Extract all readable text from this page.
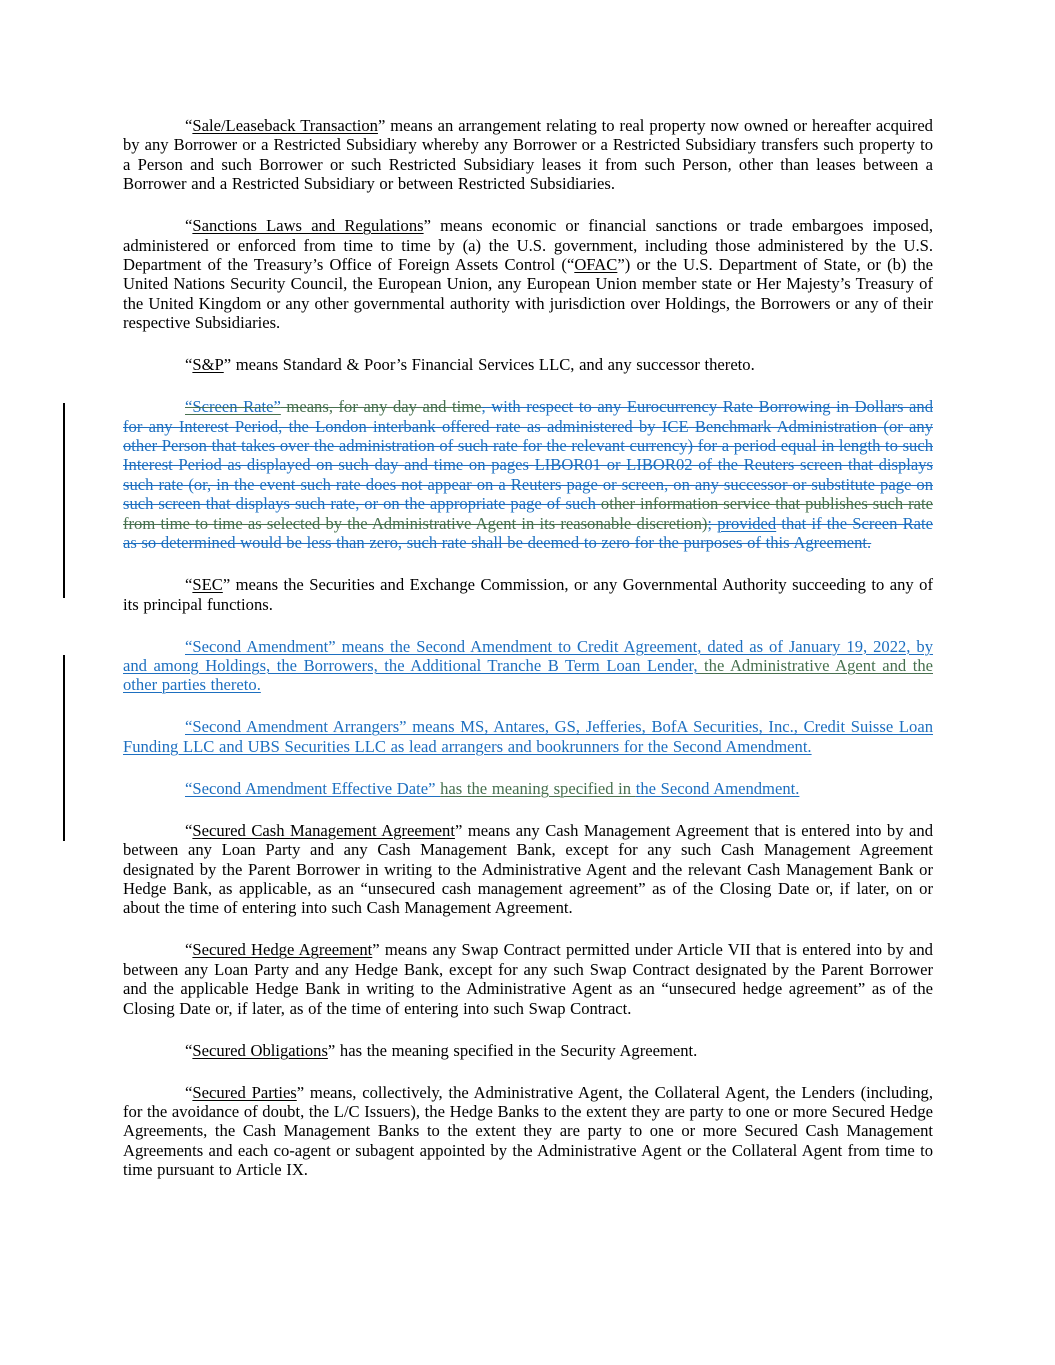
“Sale/Leaseback Transaction” means an arrangement relating to real property now owned or hereafter acquired by any Borrower or a Restricted Subsidiary whereby any Borrower or a Restricted Subsidiary transfers such property to a Person and such Borrower or such Restricted Subsidiary leases it from such Person, other than leases between a Borrower and a Restricted Subsidiary or between Restricted Subsidiaries.

“Sanctions Laws and Regulations” means economic or financial sanctions or trade embargoes imposed, administered or enforced from time to time by (a) the U.S. government, including those administered by the U.S. Department of the Treasury’s Office of Foreign Assets Control (“OFAC”) or the U.S. Department of State, or (b) the United Nations Security Council, the European Union, any European Union member state or Her Majesty’s Treasury of the United Kingdom or any other governmental authority with jurisdiction over Holdings, the Borrowers or any of their respective Subsidiaries.

“S&P” means Standard & Poor’s Financial Services LLC, and any successor thereto.

“Screen Rate” means, for any day and time, with respect to any Eurocurrency Rate Borrowing in Dollars and for any Interest Period, the London interbank offered rate as administered by ICE Benchmark Administration (or any other Person that takes over the administration of such rate for the relevant currency) for a period equal in length to such Interest Period as displayed on such day and time on pages LIBOR01 or LIBOR02 of the Reuters screen that displays such rate (or, in the event such rate does not appear on a Reuters page or screen, on any successor or substitute page on such screen that displays such rate, or on the appropriate page of such other information service that publishes such rate from time to time as selected by the Administrative Agent in its reasonable discretion); provided that if the Screen Rate as so determined would be less than zero, such rate shall be deemed to zero for the purposes of this Agreement.

“SEC” means the Securities and Exchange Commission, or any Governmental Authority succeeding to any of its principal functions.

“Second Amendment” means the Second Amendment to Credit Agreement, dated as of January 19, 2022, by and among Holdings, the Borrowers, the Additional Tranche B Term Loan Lender, the Administrative Agent and the other parties thereto.

“Second Amendment Arrangers” means MS, Antares, GS, Jefferies, BofA Securities, Inc., Credit Suisse Loan Funding LLC and UBS Securities LLC as lead arrangers and bookrunners for the Second Amendment.

“Second Amendment Effective Date” has the meaning specified in the Second Amendment.

“Secured Cash Management Agreement” means any Cash Management Agreement that is entered into by and between any Loan Party and any Cash Management Bank, except for any such Cash Management Agreement designated by the Parent Borrower in writing to the Administrative Agent and the relevant Cash Management Bank or Hedge Bank, as applicable, as an “unsecured cash management agreement” as of the Closing Date or, if later, on or about the time of entering into such Cash Management Agreement.

“Secured Hedge Agreement” means any Swap Contract permitted under Article VII that is entered into by and between any Loan Party and any Hedge Bank, except for any such Swap Contract designated by the Parent Borrower and the applicable Hedge Bank in writing to the Administrative Agent as an “unsecured hedge agreement” as of the Closing Date or, if later, as of the time of entering into such Swap Contract.

“Secured Obligations” has the meaning specified in the Security Agreement.

“Secured Parties” means, collectively, the Administrative Agent, the Collateral Agent, the Lenders (including, for the avoidance of doubt, the L/C Issuers), the Hedge Banks to the extent they are party to one or more Secured Hedge Agreements, the Cash Management Banks to the extent they are party to one or more Secured Cash Management Agreements and each co-agent or subagent appointed by the Administrative Agent or the Collateral Agent from time to time pursuant to Article IX.
